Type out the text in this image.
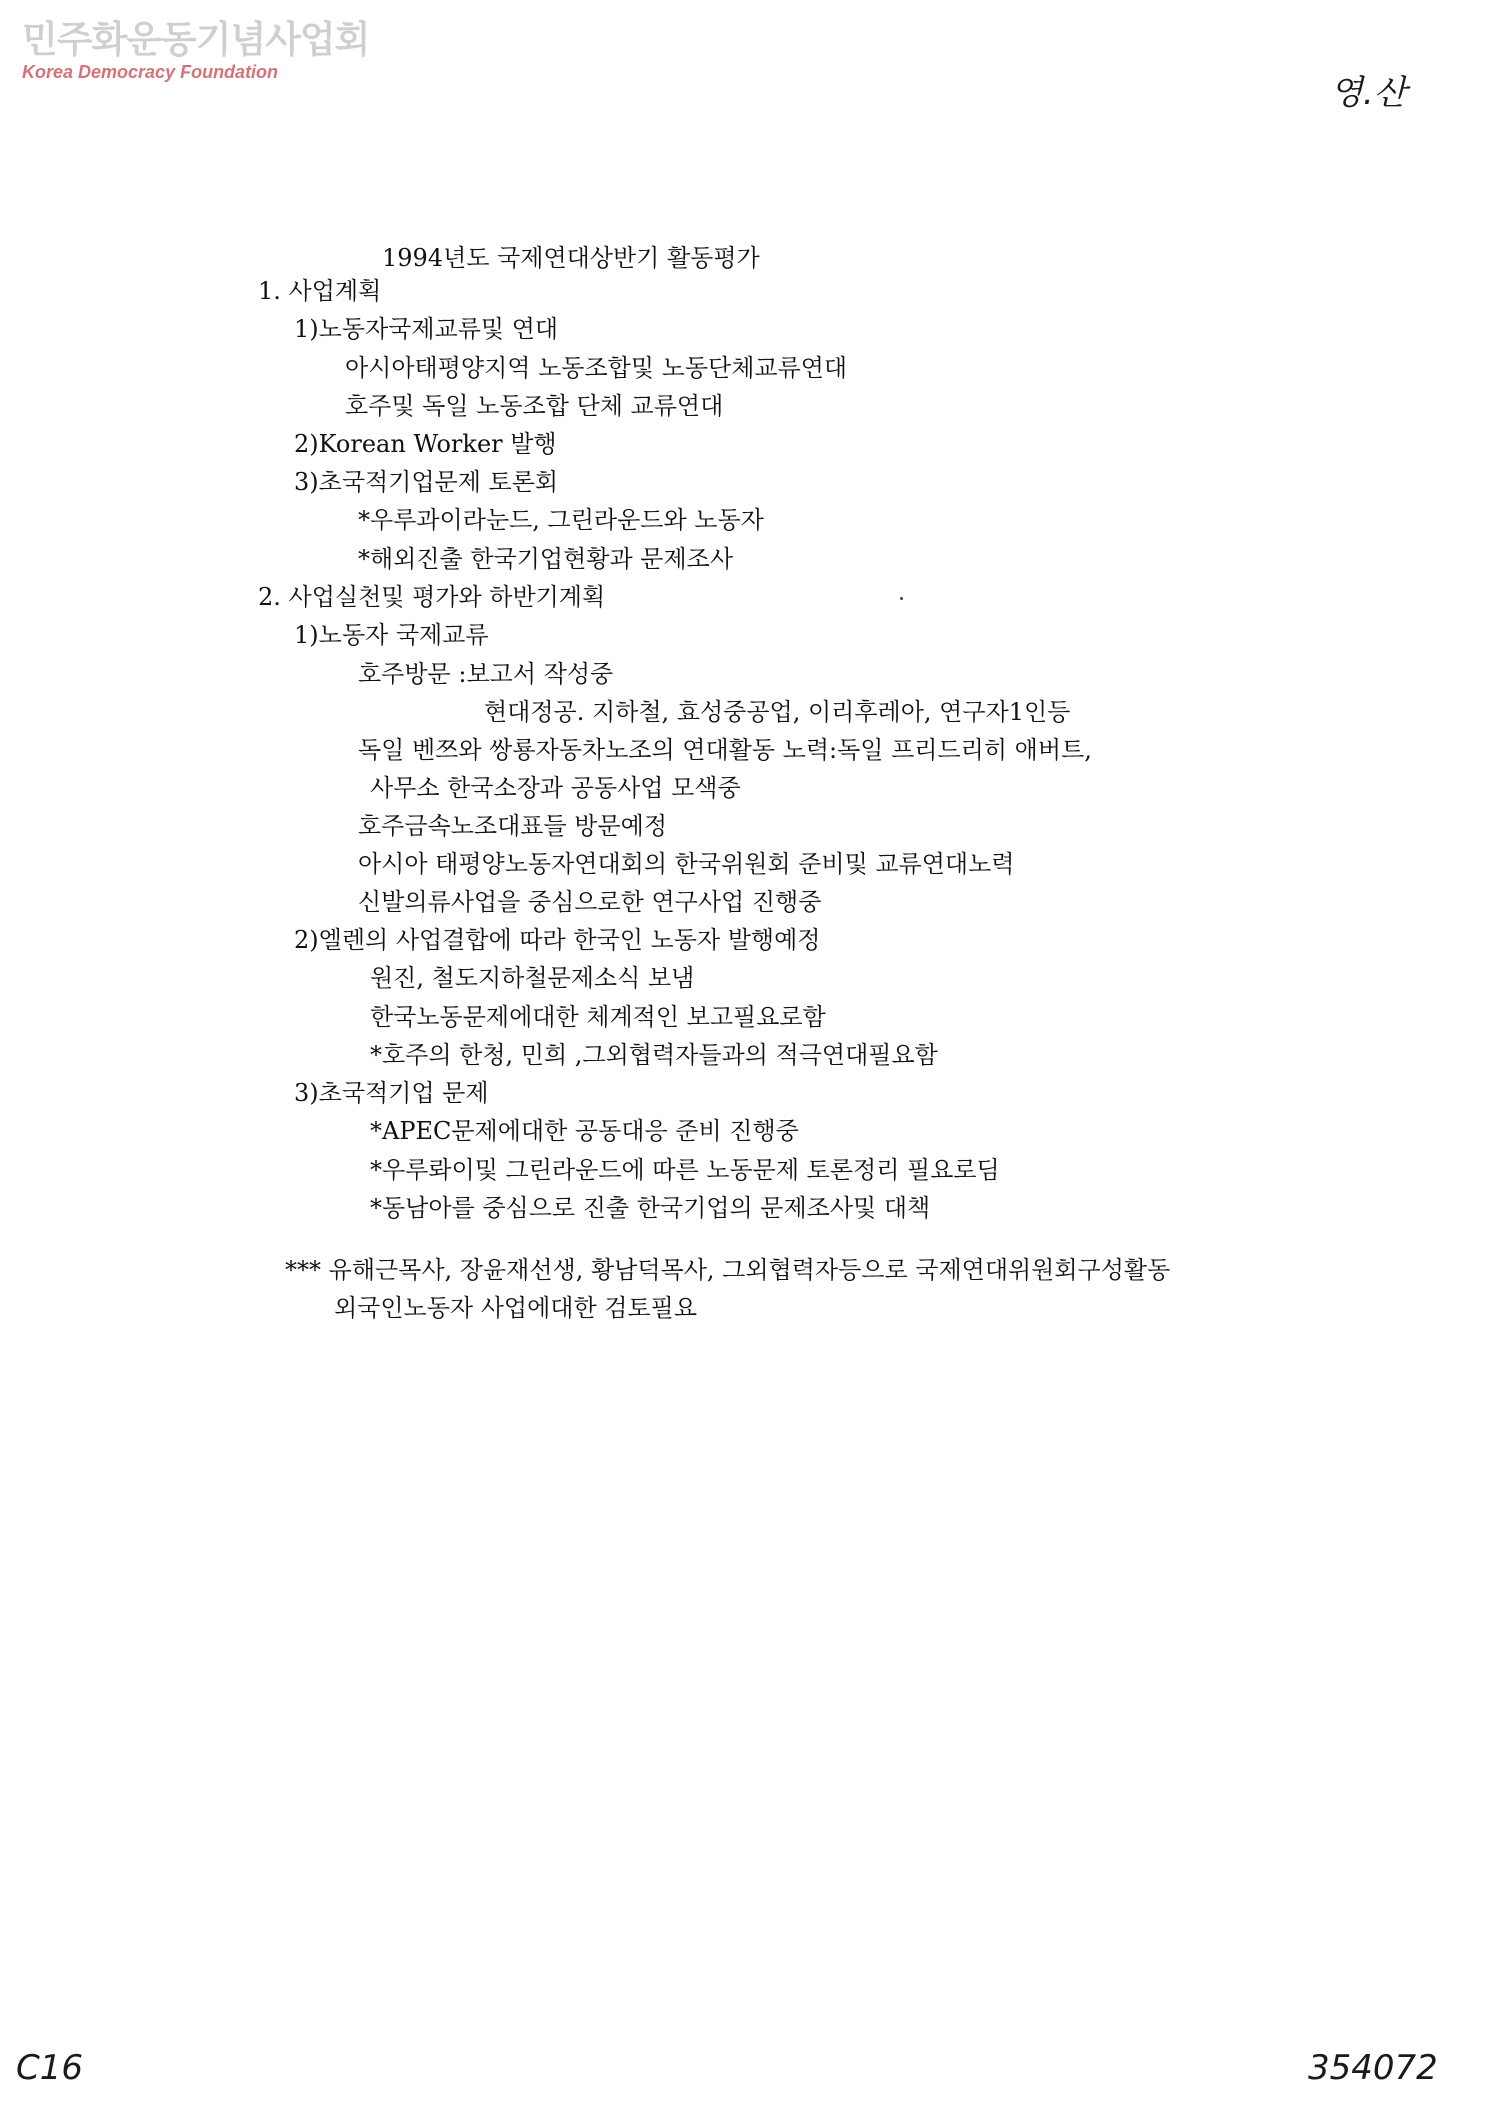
민주화운동기념사업회
Korea Democracy Foundation
영.산
1994년도 국제연대상반기 활동평가
1. 사업계획
1)노동자국제교류및 연대
아시아태평양지역 노동조합및 노동단체교류연대
호주및 독일 노동조합 단체 교류연대
2)Korean Worker 발행
3)초국적기업문제 토론회
*우루과이라눈드, 그린라운드와 노동자
*해외진출 한국기업현황과 문제조사
2. 사업실천및 평가와 하반기계획
1)노동자 국제교류
호주방문 :보고서 작성중
현대정공. 지하철, 효성중공업, 이리후레아, 연구자1인등
독일 벤쯔와 쌍룡자동차노조의 연대활동 노력:독일 프리드리히 애버트,
사무소 한국소장과 공동사업 모색중
호주금속노조대표들 방문예정
아시아 태평양노동자연대회의 한국위원회 준비및 교류연대노력
신발의류사업을 중심으로한 연구사업 진행중
2)엘렌의 사업결합에 따라 한국인 노동자 발행예정
원진, 철도지하철문제소식 보냄
한국노동문제에대한 체계적인 보고필요로함
*호주의 한청, 민희 ,그외협력자들과의 적극연대필요함
3)초국적기업 문제
*APEC문제에대한 공동대응 준비 진행중
*우루롸이및 그린라운드에 따른 노동문제 토론정리 필요로딤
*동남아를 중심으로 진출 한국기업의 문제조사및 대책
*** 유해근목사, 장윤재선생, 황남덕목사, 그외협력자등으로 국제연대위원회구성활동
외국인노동자 사업에대한 검토필요
C16	354072
